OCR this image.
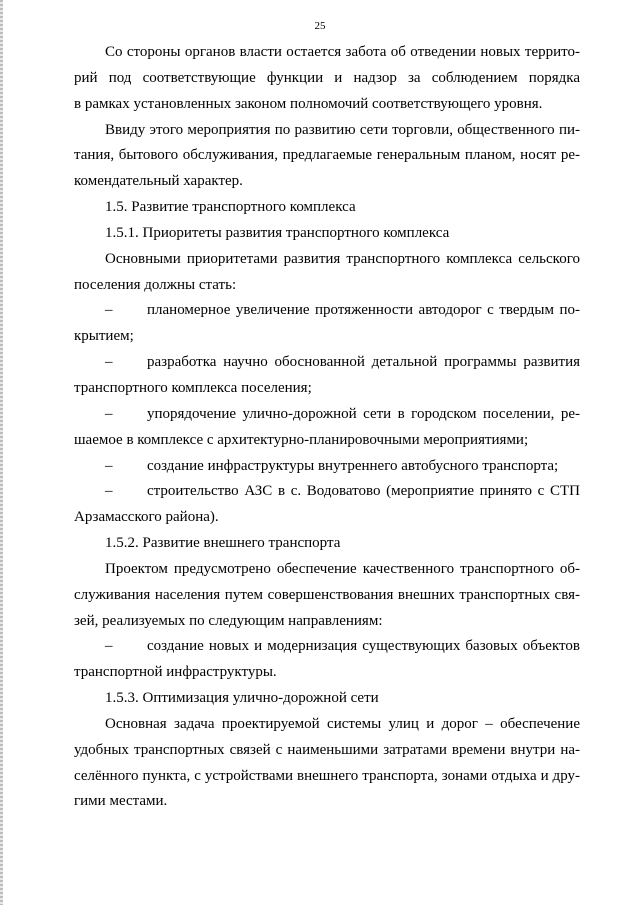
25
Со стороны органов власти остается забота об отведении новых террито-
рий под соответствующие функции и надзор за соблюдением порядка
в рамках установленных законом полномочий соответствующего уровня.
Ввиду этого мероприятия по развитию сети торговли, общественного пи-
тания, бытового обслуживания, предлагаемые генеральным планом, носят ре-
комендательный характер.
1.5. Развитие транспортного комплекса
1.5.1. Приоритеты развития транспортного комплекса
Основными приоритетами развития транспортного комплекса сельского
поселения должны стать:
–	планомерное увеличение протяженности автодорог с твердым по-
крытием;
–	разработка научно обоснованной детальной программы развития
транспортного комплекса поселения;
–	упорядочение улично-дорожной сети в городском поселении, ре-
шаемое в комплексе с архитектурно-планировочными мероприятиями;
–	создание инфраструктуры внутреннего автобусного транспорта;
–	строительство АЗС в с. Водоватово (мероприятие принято с СТП
Арзамасского района).
1.5.2. Развитие внешнего транспорта
Проектом предусмотрено обеспечение качественного транспортного об-
служивания населения путем совершенствования внешних транспортных свя-
зей, реализуемых по следующим направлениям:
–	создание новых и модернизация существующих базовых объектов
транспортной инфраструктуры.
1.5.3. Оптимизация улично-дорожной сети
Основная задача проектируемой системы улиц и дорог – обеспечение
удобных транспортных связей с наименьшими затратами времени внутри на-
селённого пункта, с устройствами внешнего транспорта, зонами отдыха и дру-
гими местами.
